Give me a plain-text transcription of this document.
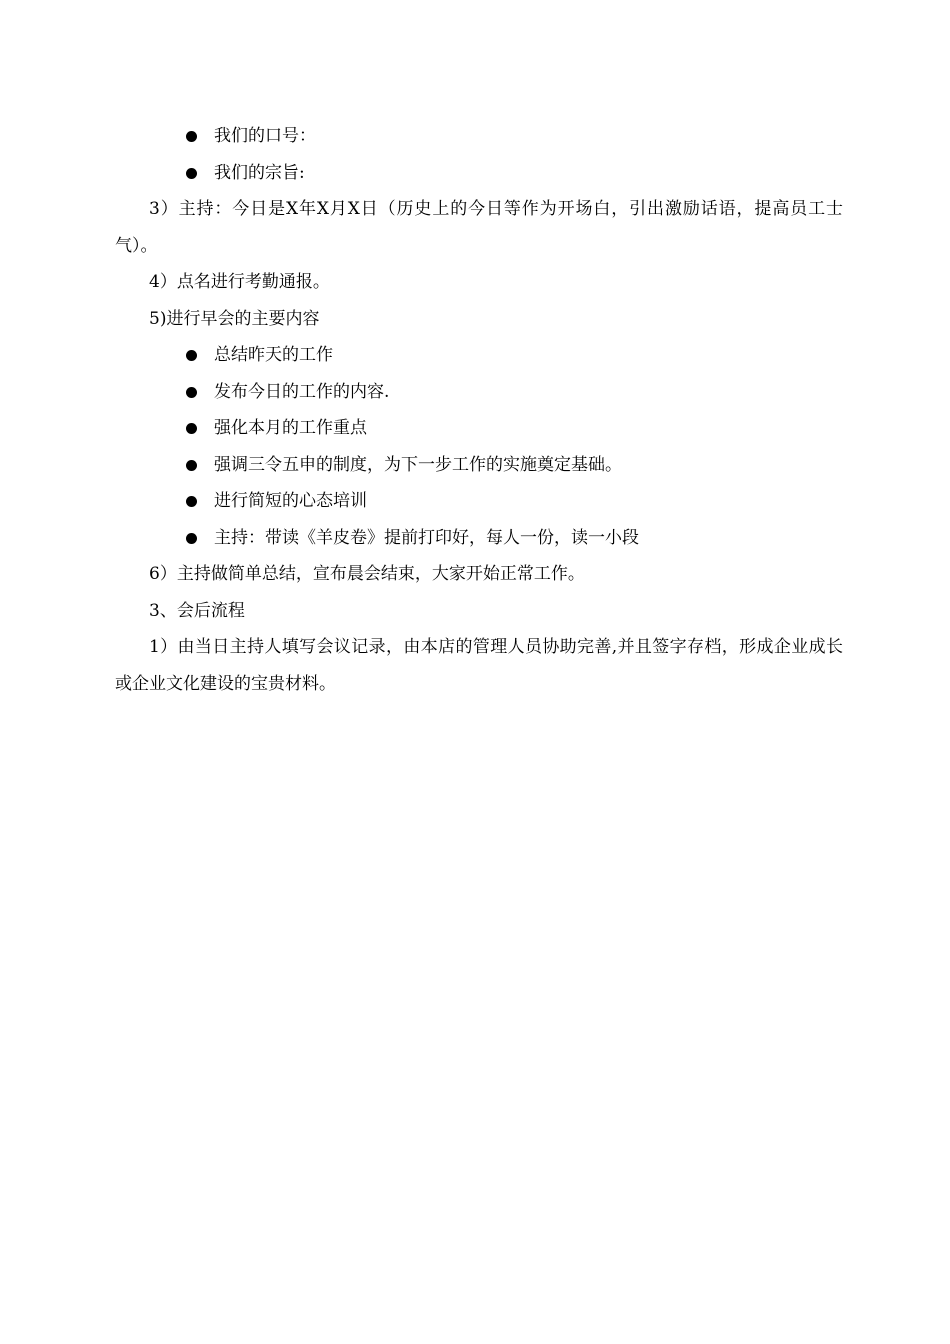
我们的口号：

我们的宗旨:

3）主持：今日是X年X月X日（历史上的今日等作为开场白，引出激励话语，提高员工士气）。

4）点名进行考勤通报。

5)进行早会的主要内容

总结昨天的工作

发布今日的工作的内容.

强化本月的工作重点

强调三令五申的制度，为下一步工作的实施奠定基础。

进行简短的心态培训

主持：带读《羊皮卷》提前打印好，每人一份，读一小段

6）主持做简单总结，宣布晨会结束，大家开始正常工作。

3、会后流程

1）由当日主持人填写会议记录，由本店的管理人员协助完善,并且签字存档，形成企业成长或企业文化建设的宝贵材料。
